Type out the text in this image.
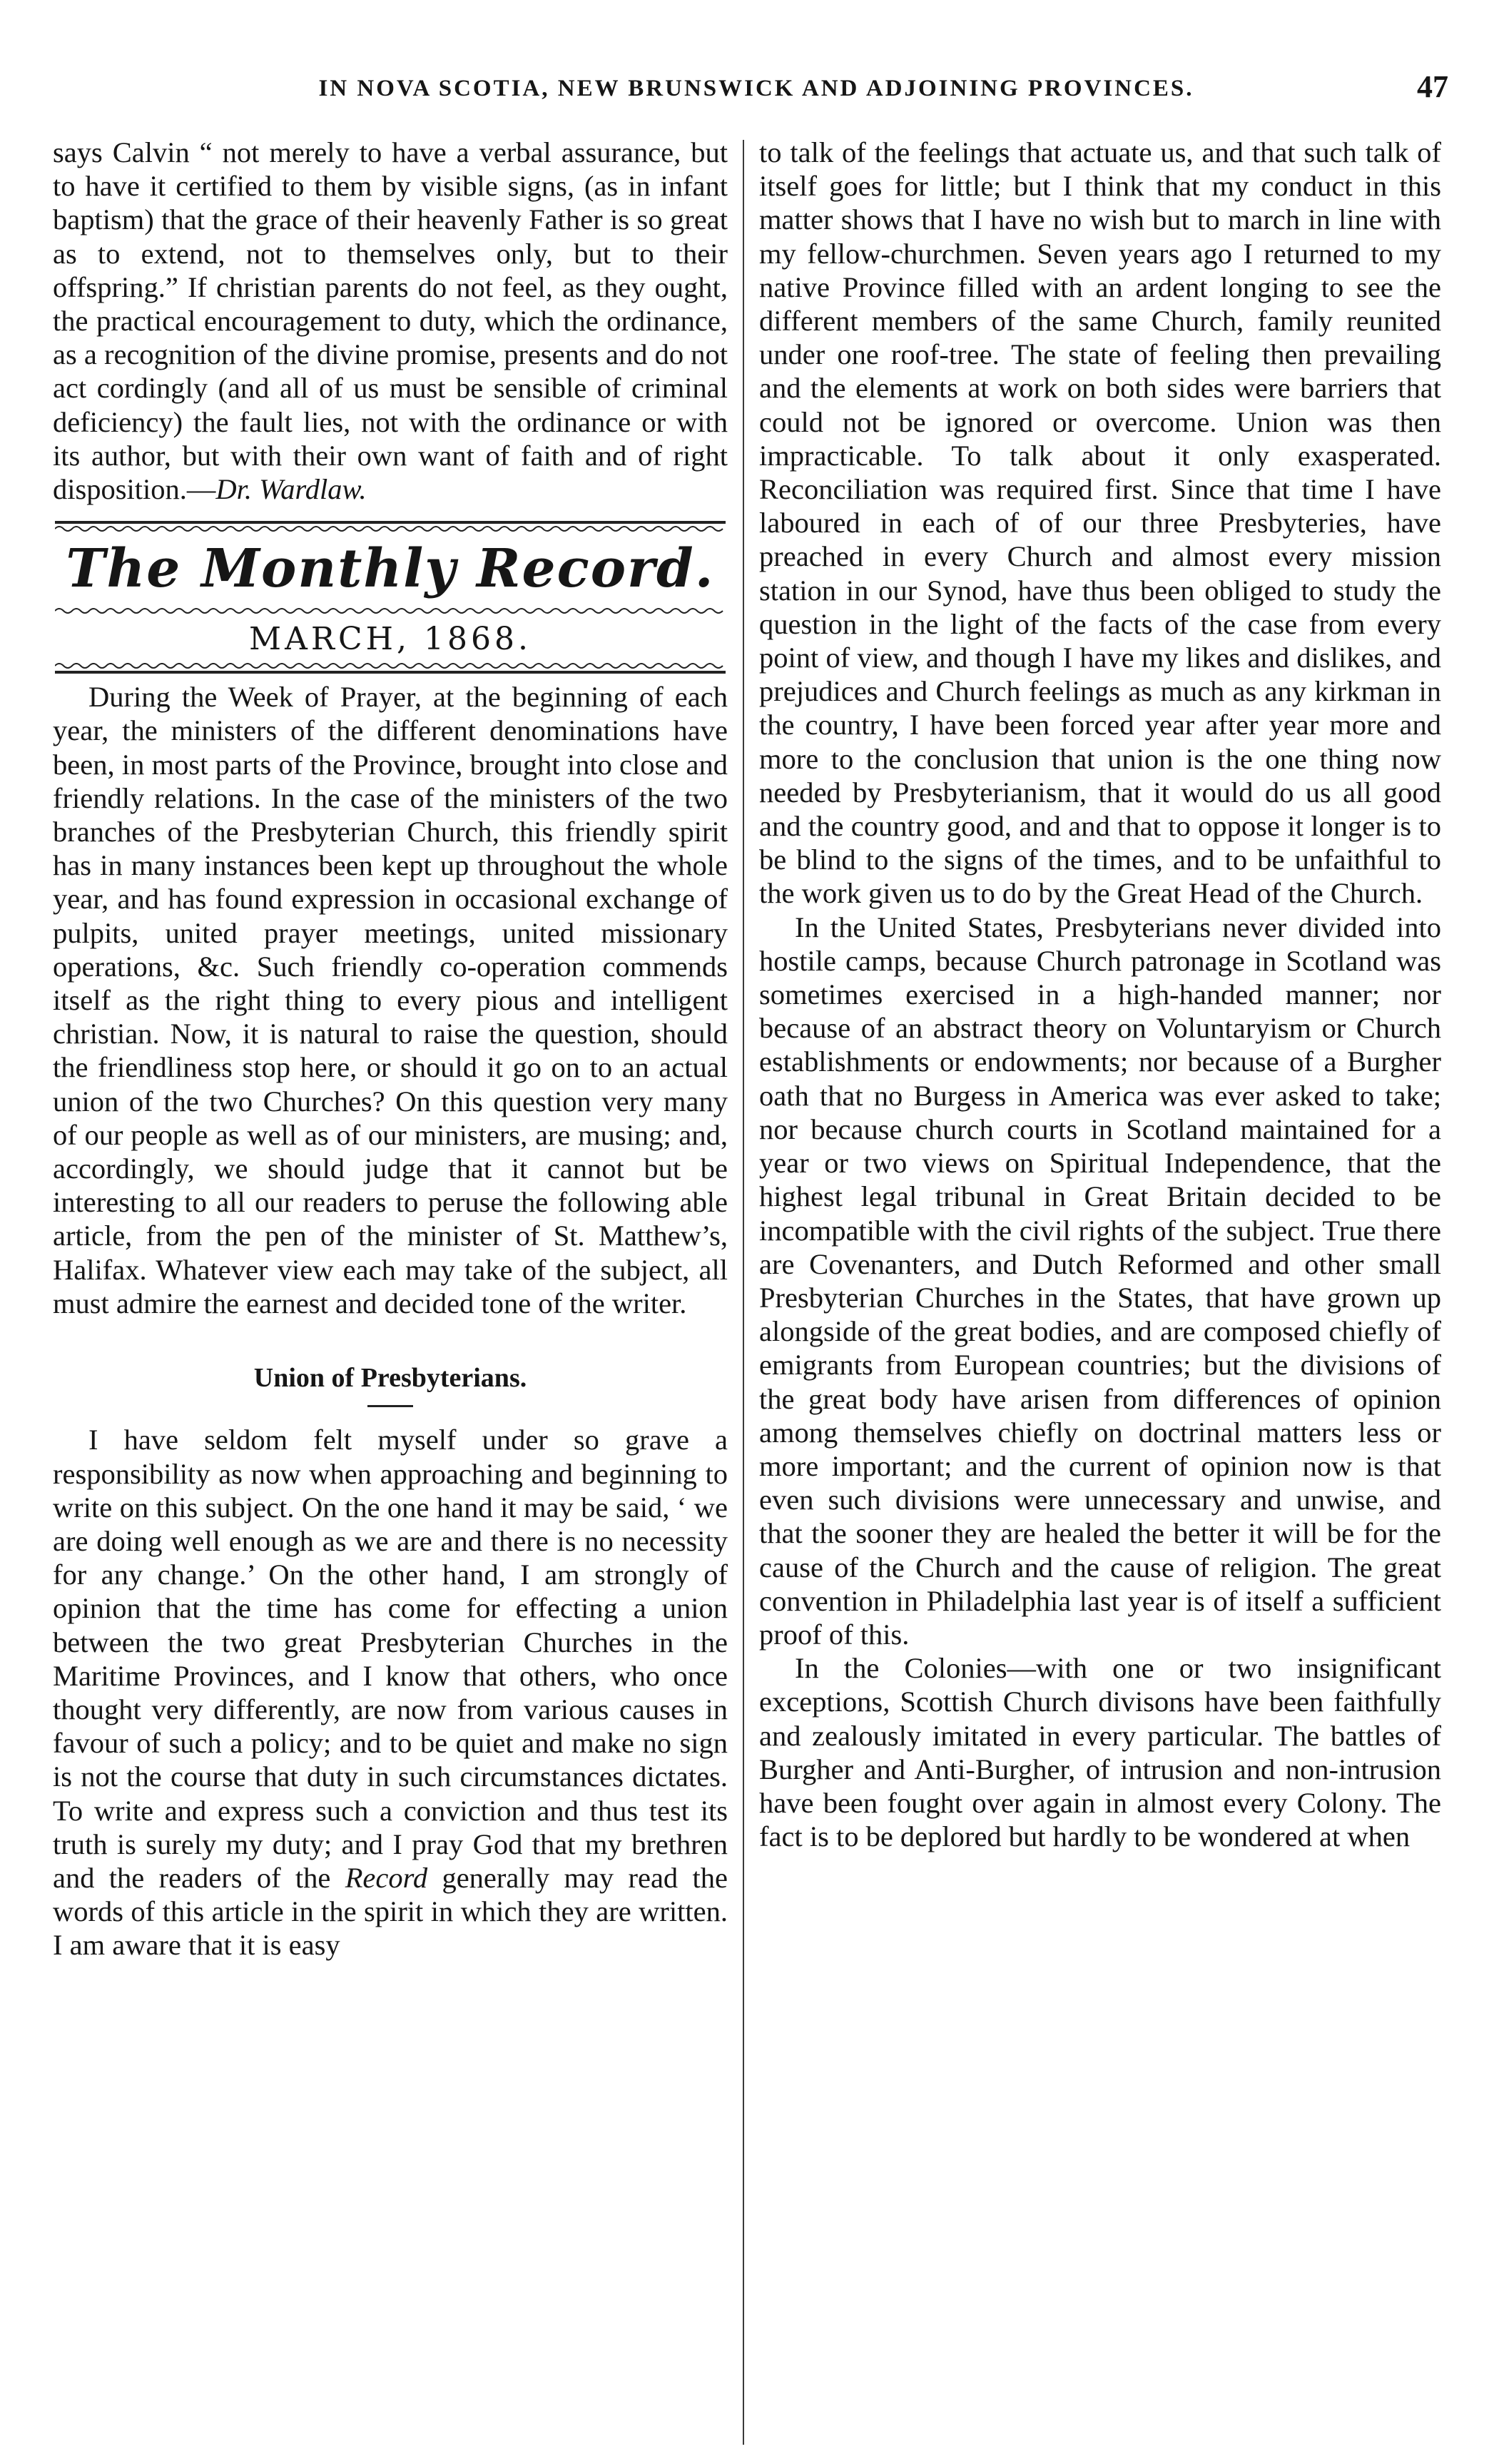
IN NOVA SCOTIA, NEW BRUNSWICK AND ADJOINING PROVINCES.	47

says Calvin “ not merely to have a verbal assurance, but to have it certified to them by visible signs, (as in infant baptism) that the grace of their heavenly Father is so great as to extend, not to themselves only, but to their offspring.” If christian parents do not feel, as they ought, the practical encouragement to duty, which the ordinance, as a recognition of the divine promise, presents and do not act cordingly (and all of us must be sensible of criminal deficiency) the fault lies, not with the ordinance or with its author, but with their own want of faith and of right disposition.—Dr. Wardlaw.

The Monthly Record.
MARCH, 1868.

During the Week of Prayer, at the beginning of each year, the ministers of the different denominations have been, in most parts of the Province, brought into close and friendly relations. In the case of the ministers of the two branches of the Presbyterian Church, this friendly spirit has in many instances been kept up throughout the whole year, and has found expression in occasional exchange of pulpits, united prayer meetings, united missionary operations, &c. Such friendly co-operation commends itself as the right thing to every pious and intelligent christian. Now, it is natural to raise the question, should the friendliness stop here, or should it go on to an actual union of the two Churches? On this question very many of our people as well as of our ministers, are musing; and, accordingly, we should judge that it cannot but be interesting to all our readers to peruse the following able article, from the pen of the minister of St. Matthew’s, Halifax. Whatever view each may take of the subject, all must admire the earnest and decided tone of the writer.

Union of Presbyterians.

I have seldom felt myself under so grave a responsibility as now when approaching and beginning to write on this subject. On the one hand it may be said, ‘ we are doing well enough as we are and there is no necessity for any change.’ On the other hand, I am strongly of opinion that the time has come for effecting a union between the two great Presbyterian Churches in the Maritime Provinces, and I know that others, who once thought very differently, are now from various causes in favour of such a policy; and to be quiet and make no sign is not the course that duty in such circumstances dictates. To write and express such a conviction and thus test its truth is surely my duty; and I pray God that my brethren and the readers of the Record generally may read the words of this article in the spirit in which they are written. I am aware that it is easy

to talk of the feelings that actuate us, and that such talk of itself goes for little; but I think that my conduct in this matter shows that I have no wish but to march in line with my fellow-churchmen. Seven years ago I returned to my native Province filled with an ardent longing to see the different members of the same Church, family reunited under one roof-tree. The state of feeling then prevailing and the elements at work on both sides were barriers that could not be ignored or overcome. Union was then impracticable. To talk about it only exasperated. Reconciliation was required first. Since that time I have laboured in each of of our three Presbyteries, have preached in every Church and almost every mission station in our Synod, have thus been obliged to study the question in the light of the facts of the case from every point of view, and though I have my likes and dislikes, and prejudices and Church feelings as much as any kirkman in the country, I have been forced year after year more and more to the conclusion that union is the one thing now needed by Presbyterianism, that it would do us all good and the country good, and and that to oppose it longer is to be blind to the signs of the times, and to be unfaithful to the work given us to do by the Great Head of the Church.

In the United States, Presbyterians never divided into hostile camps, because Church patronage in Scotland was sometimes exercised in a high-handed manner; nor because of an abstract theory on Voluntaryism or Church establishments or endowments; nor because of a Burgher oath that no Burgess in America was ever asked to take; nor because church courts in Scotland maintained for a year or two views on Spiritual Independence, that the highest legal tribunal in Great Britain decided to be incompatible with the civil rights of the subject. True there are Covenanters, and Dutch Reformed and other small Presbyterian Churches in the States, that have grown up alongside of the great bodies, and are composed chiefly of emigrants from European countries; but the divisions of the great body have arisen from differences of opinion among themselves chiefly on doctrinal matters less or more important; and the current of opinion now is that even such divisions were unnecessary and unwise, and that the sooner they are healed the better it will be for the cause of the Church and the cause of religion. The great convention in Philadelphia last year is of itself a sufficient proof of this.

In the Colonies—with one or two insignificant exceptions, Scottish Church divisons have been faithfully and zealously imitated in every particular. The battles of Burgher and Anti-Burgher, of intrusion and non-intrusion have been fought over again in almost every Colony. The fact is to be deplored but hardly to be wondered at when
